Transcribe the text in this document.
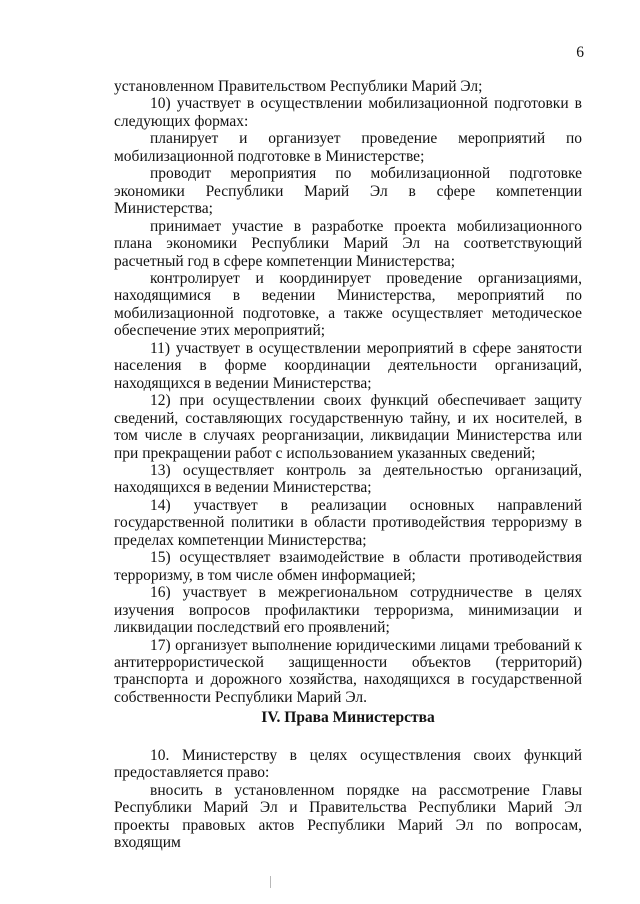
6

установленном Правительством Республики Марий Эл;

10) участвует в осуществлении мобилизационной подготовки в следующих формах:

планирует и организует проведение мероприятий по мобилизационной подготовке в Министерстве;

проводит мероприятия по мобилизационной подготовке экономики Республики Марий Эл в сфере компетенции Министерства;

принимает участие в разработке проекта мобилизационного плана экономики Республики Марий Эл на соответствующий расчетный год в сфере компетенции Министерства;

контролирует и координирует проведение организациями, находящимися в ведении Министерства, мероприятий по мобилизационной подготовке, а также осуществляет методическое обеспечение этих мероприятий;

11) участвует в осуществлении мероприятий в сфере занятости населения в форме координации деятельности организаций, находящихся в ведении Министерства;

12) при осуществлении своих функций обеспечивает защиту сведений, составляющих государственную тайну, и их носителей, в том числе в случаях реорганизации, ликвидации Министерства или при прекращении работ с использованием указанных сведений;

13) осуществляет контроль за деятельностью организаций, находящихся в ведении Министерства;

14) участвует в реализации основных направлений государственной политики в области противодействия терроризму в пределах компетенции Министерства;

15) осуществляет взаимодействие в области противодействия терроризму, в том числе обмен информацией;

16) участвует в межрегиональном сотрудничестве в целях изучения вопросов профилактики терроризма, минимизации и ликвидации последствий его проявлений;

17) организует выполнение юридическими лицами требований к антитеррористической защищенности объектов (территорий) транспорта и дорожного хозяйства, находящихся в государственной собственности Республики Марий Эл.

IV. Права Министерства

10. Министерству в целях осуществления своих функций предоставляется право:

вносить в установленном порядке на рассмотрение Главы Республики Марий Эл и Правительства Республики Марий Эл проекты правовых актов Республики Марий Эл по вопросам, входящим
